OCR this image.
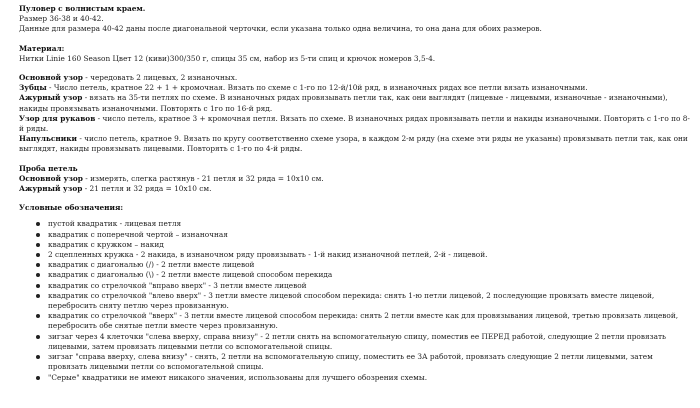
Пуловер с волнистым краем.

Размер 36-38 и 40-42.

Данные для размера 40-42 даны после диагональной черточки, если указана только одна величина, то она дана для обоих размеров.

Материал:

Нитки Linie 160 Season Цвет 12 (киви)300/350 г, спицы 35 см, набор из 5-ти спиц и крючок номеров 3,5-4.

Основной узор - чередовать 2 лицевых, 2 изнаночных.

Зубцы - Число петель, кратное 22 + 1 + кромочная. Вязать по схеме с 1-го по 12-й/10й ряд, в изнаночных рядах все петли вязать изнаночными.

Ажурный узор - вязать на 35-ти петлях по схеме. В изнаночных рядах провязывать петли так, как они выглядят (лицевые - лицевыми, изнаночные - изнаночными), накиды провязывать изнаночными. Повторять с 1го по 16-й ряд.

Узор для рукавов - число петель, кратное 3 + кромочная петля. Вязать по схеме. В изнаночных рядах провязывать петли и накиды изнаночными. Повторять с 1-го по 8-й ряды.

Напульсники - число петель, кратное 9. Вязать по кругу соответственно схеме узора, в каждом 2-м ряду (на схеме эти ряды не указаны) провязывать петли так, как они выглядят, накиды провязывать лицевыми. Повторять с 1-го по 4-й ряды.

Проба петель

Основной узор - измерять, слегка растянув - 21 петля и 32 ряда = 10х10 см.

Ажурный узор - 21 петля и 32 ряда = 10х10 см.

Условные обозначения:

пустой квадратик - лицевая петля
квадратик с поперечной чертой – изнаночная
квадратик с кружком – накид
2 сцепленных кружка - 2 накида, в изнаночном ряду провязывать - 1-й накид изнаночной петлей, 2-й - лицевой.
квадратик с диагональю (/) - 2 петли вместе лицевой
квадратик с диагональю (\) - 2 петли вместе лицевой способом перекида
квадратик со стрелочкой "вправо вверх" - 3 петли вместе лицевой
квадратик со стрелочкой "влево вверх" - 3 петли вместе лицевой способом перекида: снять 1-ю петли лицевой, 2 последующие провязать вместе лицевой, перебросить сняту петлю через провязанную.
квадратик со стрелочкой "вверх" - 3 петли вместе лицевой способом перекида: снять 2 петли вместе как для провязывания лицевой, третью провязать лицевой, перебросить обе снятые петли вместе через провязанную.
зигзаг через 4 клеточки "слева вверху, справа внизу" - 2 петли снять на вспомогательную спицу, поместив ее ПЕРЕД работой, следующие 2 петли провязать лицевыми, затем провязать лицевыми петли со вспомогательной спицы.
зигзаг "справа вверху, слева внизу" - снять, 2 петли на вспомогательную спицу, поместить ее ЗА работой, провязать следующие 2 петли лицевыми, затем провязать лицевыми петли со вспомогательной спицы.
"Серые" квадратики не имеют никакого значения, использованы для лучшего обозрения схемы.
